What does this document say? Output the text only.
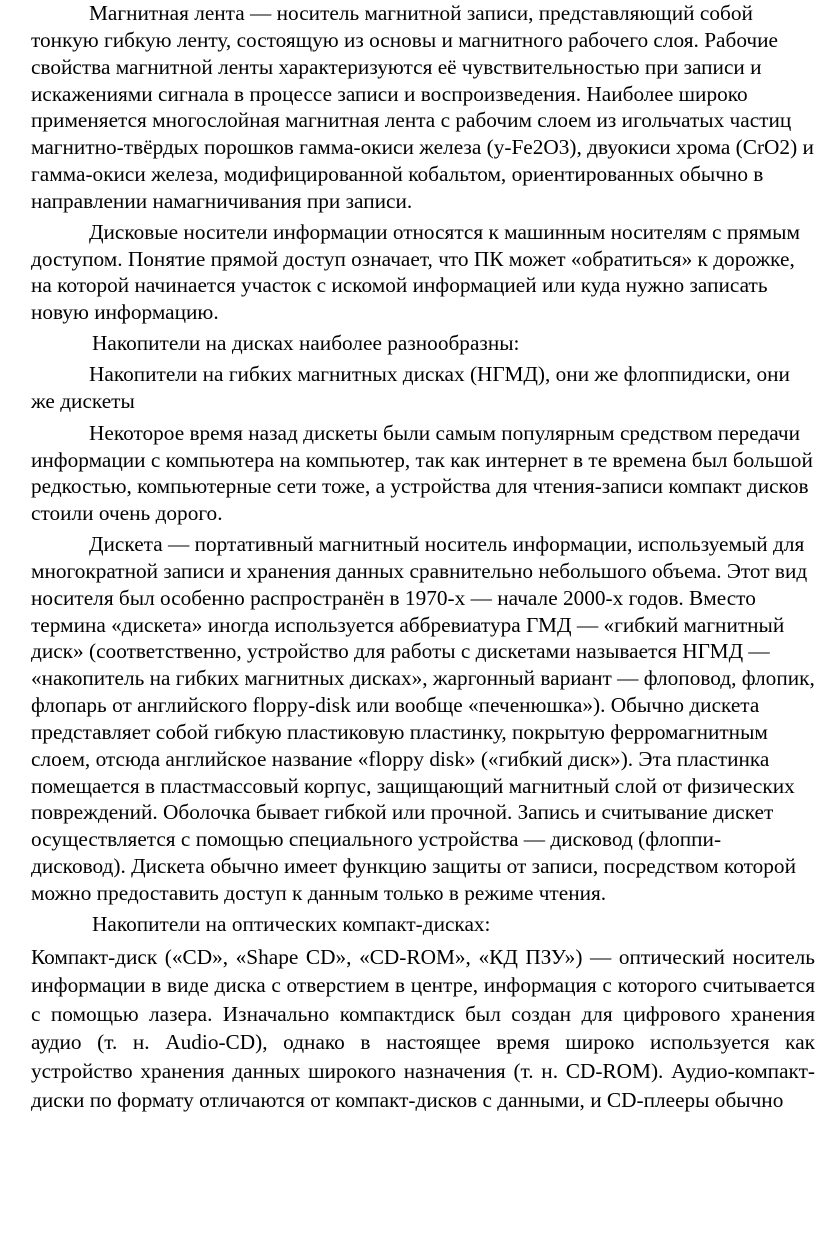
Магнитная лента — носитель магнитной записи, представляющий собой тонкую гибкую ленту, состоящую из основы и магнитного рабочего слоя. Рабочие свойства магнитной ленты характеризуются её чувствительностью при записи и искажениями сигнала в процессе записи и воспроизведения. Наиболее широко применяется многослойная магнитная лента с рабочим слоем из игольчатых частиц магнитно-твёрдых порошков гамма-окиси железа (y-Fe2O3), двуокиси хрома (CrO2) и гамма-окиси железа, модифицированной кобальтом, ориентированных обычно в направлении намагничивания при записи.

Дисковые носители информации относятся к машинным носителям с прямым доступом. Понятие прямой доступ означает, что ПК может «обратиться» к дорожке, на которой начинается участок с искомой информацией или куда нужно записать новую информацию.

Накопители на дисках наиболее разнообразны:

Накопители на гибких магнитных дисках (НГМД), они же флоппидиски, они же дискеты

Некоторое время назад дискеты были самым популярным средством передачи информации с компьютера на компьютер, так как интернет в те времена был большой редкостью, компьютерные сети тоже, а устройства для чтения-записи компакт дисков стоили очень дорого.

Дискета — портативный магнитный носитель информации, используемый для многократной записи и хранения данных сравнительно небольшого объема. Этот вид носителя был особенно распространён в 1970-х — начале 2000-х годов. Вместо термина «дискета» иногда используется аббревиатура ГМД — «гибкий магнитный диск» (соответственно, устройство для работы с дискетами называется НГМД — «накопитель на гибких магнитных дисках», жаргонный вариант — флоповод, флопик, флопарь от английского floppy-disk или вообще «печенюшка»). Обычно дискета представляет собой гибкую пластиковую пластинку, покрытую ферромагнитным слоем, отсюда английское название «floppy disk» («гибкий диск»). Эта пластинка помещается в пластмассовый корпус, защищающий магнитный слой от физических повреждений. Оболочка бывает гибкой или прочной. Запись и считывание дискет осуществляется с помощью специального устройства — дисковод (флоппи-дисковод). Дискета обычно имеет функцию защиты от записи, посредством которой можно предоставить доступ к данным только в режиме чтения.

Накопители на оптических компакт-дисках:

Компакт-диск («CD», «Shape CD», «CD-ROM», «КД ПЗУ») — оптический носитель информации в виде диска с отверстием в центре, информация с которого считывается с помощью лазера. Изначально компактдиск был создан для цифрового хранения аудио (т. н. Audio-CD), однако в настоящее время широко используется как устройство хранения данных широкого назначения (т. н. CD-ROM). Аудио-компакт-диски по формату отличаются от компакт-дисков с данными, и CD-плееры обычно
